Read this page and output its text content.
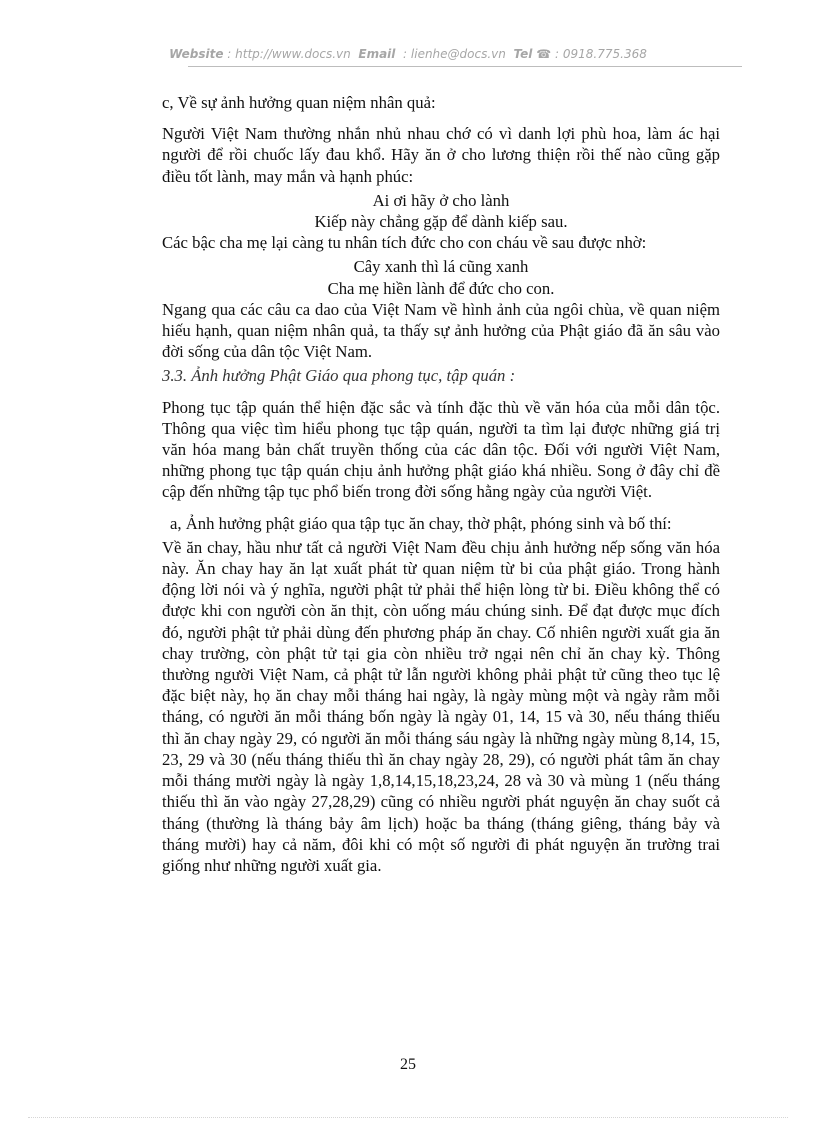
Website : http://www.docs.vn Email : lienhe@docs.vn Tel ☎ : 0918.775.368

c, Về sự ảnh hưởng quan niệm nhân quả:

Người Việt Nam thường nhắn nhủ nhau chớ có vì danh lợi phù hoa, làm ác hại người để rồi chuốc lấy đau khổ. Hãy ăn ở cho lương thiện rồi thế nào cũng gặp điều tốt lành, may mắn và hạnh phúc:

Ai ơi hãy ở cho lành

Kiếp này chẳng gặp để dành kiếp sau.

Các bậc cha mẹ lại càng tu nhân tích đức cho con cháu về sau được nhờ:

Cây xanh thì lá cũng xanh

Cha mẹ hiền lành để đức cho con.

Ngang qua các câu ca dao của Việt Nam về hình ảnh của ngôi chùa, về quan niệm hiếu hạnh, quan niệm nhân quả, ta thấy sự ảnh hưởng của Phật giáo đã ăn sâu vào đời sống của dân tộc Việt Nam.

3.3. Ảnh hưởng Phật Giáo qua phong tục, tập quán :

Phong tục tập quán thể hiện đặc sắc và tính đặc thù về văn hóa của mỗi dân tộc. Thông qua việc tìm hiểu phong tục tập quán, người ta tìm lại được những giá trị văn hóa mang bản chất truyền thống của các dân tộc. Đối với người Việt Nam, những phong tục tập quán chịu ảnh hưởng phật giáo khá nhiều. Song ở đây chỉ đề cập đến những tập tục phổ biến trong đời sống hằng ngày của người Việt.

a, Ảnh hưởng phật giáo qua tập tục ăn chay, thờ phật, phóng sinh và bố thí:

Về ăn chay, hầu như tất cả người Việt Nam đều chịu ảnh hưởng nếp sống văn hóa này. Ăn chay hay ăn lạt xuất phát từ quan niệm từ bi của phật giáo. Trong hành động lời nói và ý nghĩa, người phật tử phải thể hiện lòng từ bi. Điều không thể có được khi con người còn ăn thịt, còn uống máu chúng sinh. Để đạt được mục đích đó, người phật tử phải dùng đến phương pháp ăn chay. Cố nhiên người xuất gia ăn chay trường, còn phật tử tại gia còn nhiều trở ngại nên chỉ ăn chay kỳ. Thông thường người Việt Nam, cả phật tử lẫn người không phải phật tử cũng theo tục lệ đặc biệt này, họ ăn chay mỗi tháng hai ngày, là ngày mùng một và ngày rằm mỗi tháng, có người ăn mỗi tháng bốn ngày là ngày 01, 14, 15 và 30, nếu tháng thiếu thì ăn chay ngày 29, có người ăn mỗi tháng sáu ngày là những ngày mùng 8,14, 15, 23, 29 và 30 (nếu tháng thiếu thì ăn chay ngày 28, 29), có người phát tâm ăn chay mỗi tháng mười ngày là ngày 1,8,14,15,18,23,24, 28 và 30 và mùng 1 (nếu tháng thiếu thì ăn vào ngày 27,28,29) cũng có nhiều người phát nguyện ăn chay suốt cả tháng (thường là tháng bảy âm lịch) hoặc ba tháng (tháng giêng, tháng bảy và tháng mười) hay cả năm, đôi khi có một số người đi phát nguyện ăn trường trai giống như những người xuất gia.

25
